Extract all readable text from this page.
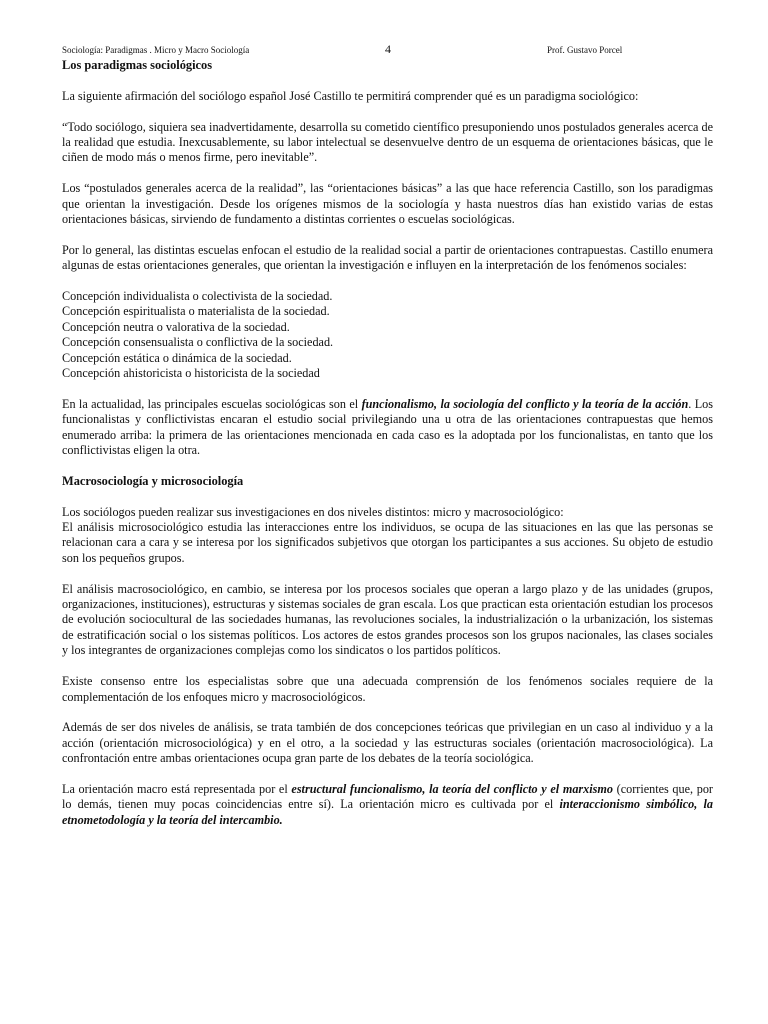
Sociología: Paradigmas . Micro y Macro Sociología	4	Prof. Gustavo Porcel
Los paradigmas sociológicos

La siguiente afirmación del sociólogo español José Castillo te permitirá comprender qué es un paradigma sociológico:

“Todo sociólogo, siquiera sea inadvertidamente, desarrolla su cometido científico presuponiendo unos postulados generales acerca de la realidad que estudia. Inexcusablemente, su labor intelectual se desenvuelve dentro de un esquema de orientaciones básicas, que le ciñen de modo más o menos firme, pero inevitable”.

Los “postulados generales acerca de la realidad”, las “orientaciones básicas” a las que hace referencia Castillo, son los paradigmas que orientan la investigación. Desde los orígenes mismos de la sociología y hasta nuestros días han existido varias de estas orientaciones básicas, sirviendo de fundamento a distintas corrientes o escuelas sociológicas.

Por lo general, las distintas escuelas enfocan el estudio de la realidad social a partir de orientaciones contrapuestas. Castillo enumera algunas de estas orientaciones generales, que orientan la investigación e influyen en la interpretación de los fenómenos sociales:

Concepción individualista o colectivista de la sociedad.

Concepción espiritualista o materialista de la sociedad.

Concepción neutra o valorativa de la sociedad.

Concepción consensualista o conflictiva de la sociedad.

Concepción estática o dinámica de la sociedad.

Concepción ahistoricista o historicista de la sociedad

En la actualidad, las principales escuelas sociológicas son el funcionalismo, la sociología del conflicto y la teoría de la acción. Los funcionalistas y conflictivistas encaran el estudio social privilegiando una u otra de las orientaciones contrapuestas que hemos enumerado arriba: la primera de las orientaciones mencionada en cada caso es la adoptada por los funcionalistas, en tanto que los conflictivistas eligen la otra.

Macrosociología y microsociología

Los sociólogos pueden realizar sus investigaciones en dos niveles distintos: micro y macrosociológico:

El análisis microsociológico estudia las interacciones entre los individuos, se ocupa de las situaciones en las que las personas se relacionan cara a cara y se interesa por los significados subjetivos que otorgan los participantes a sus acciones. Su objeto de estudio son los pequeños grupos.

El análisis macrosociológico, en cambio, se interesa por los procesos sociales que operan a largo plazo y de las unidades (grupos, organizaciones, instituciones), estructuras y sistemas sociales de gran escala. Los que practican esta orientación estudian los procesos de evolución sociocultural de las sociedades humanas, las revoluciones sociales, la industrialización o la urbanización, los sistemas de estratificación social o los sistemas políticos. Los actores de estos grandes procesos son los grupos nacionales, las clases sociales y los integrantes de organizaciones complejas como los sindicatos o los partidos políticos.

Existe consenso entre los especialistas sobre que una adecuada comprensión de los fenómenos sociales requiere de la complementación de los enfoques micro y macrosociológicos.

Además de ser dos niveles de análisis, se trata también de dos concepciones teóricas que privilegian en un caso al individuo y a la acción (orientación microsociológica) y en el otro, a la sociedad y las estructuras sociales (orientación macrosociológica). La confrontación entre ambas orientaciones ocupa gran parte de los debates de la teoría sociológica.

La orientación macro está representada por el estructural funcionalismo, la teoría del conflicto y el marxismo (corrientes que, por lo demás, tienen muy pocas coincidencias entre sí). La orientación micro es cultivada por el interaccionismo simbólico, la etnometodología y la teoría del intercambio.
